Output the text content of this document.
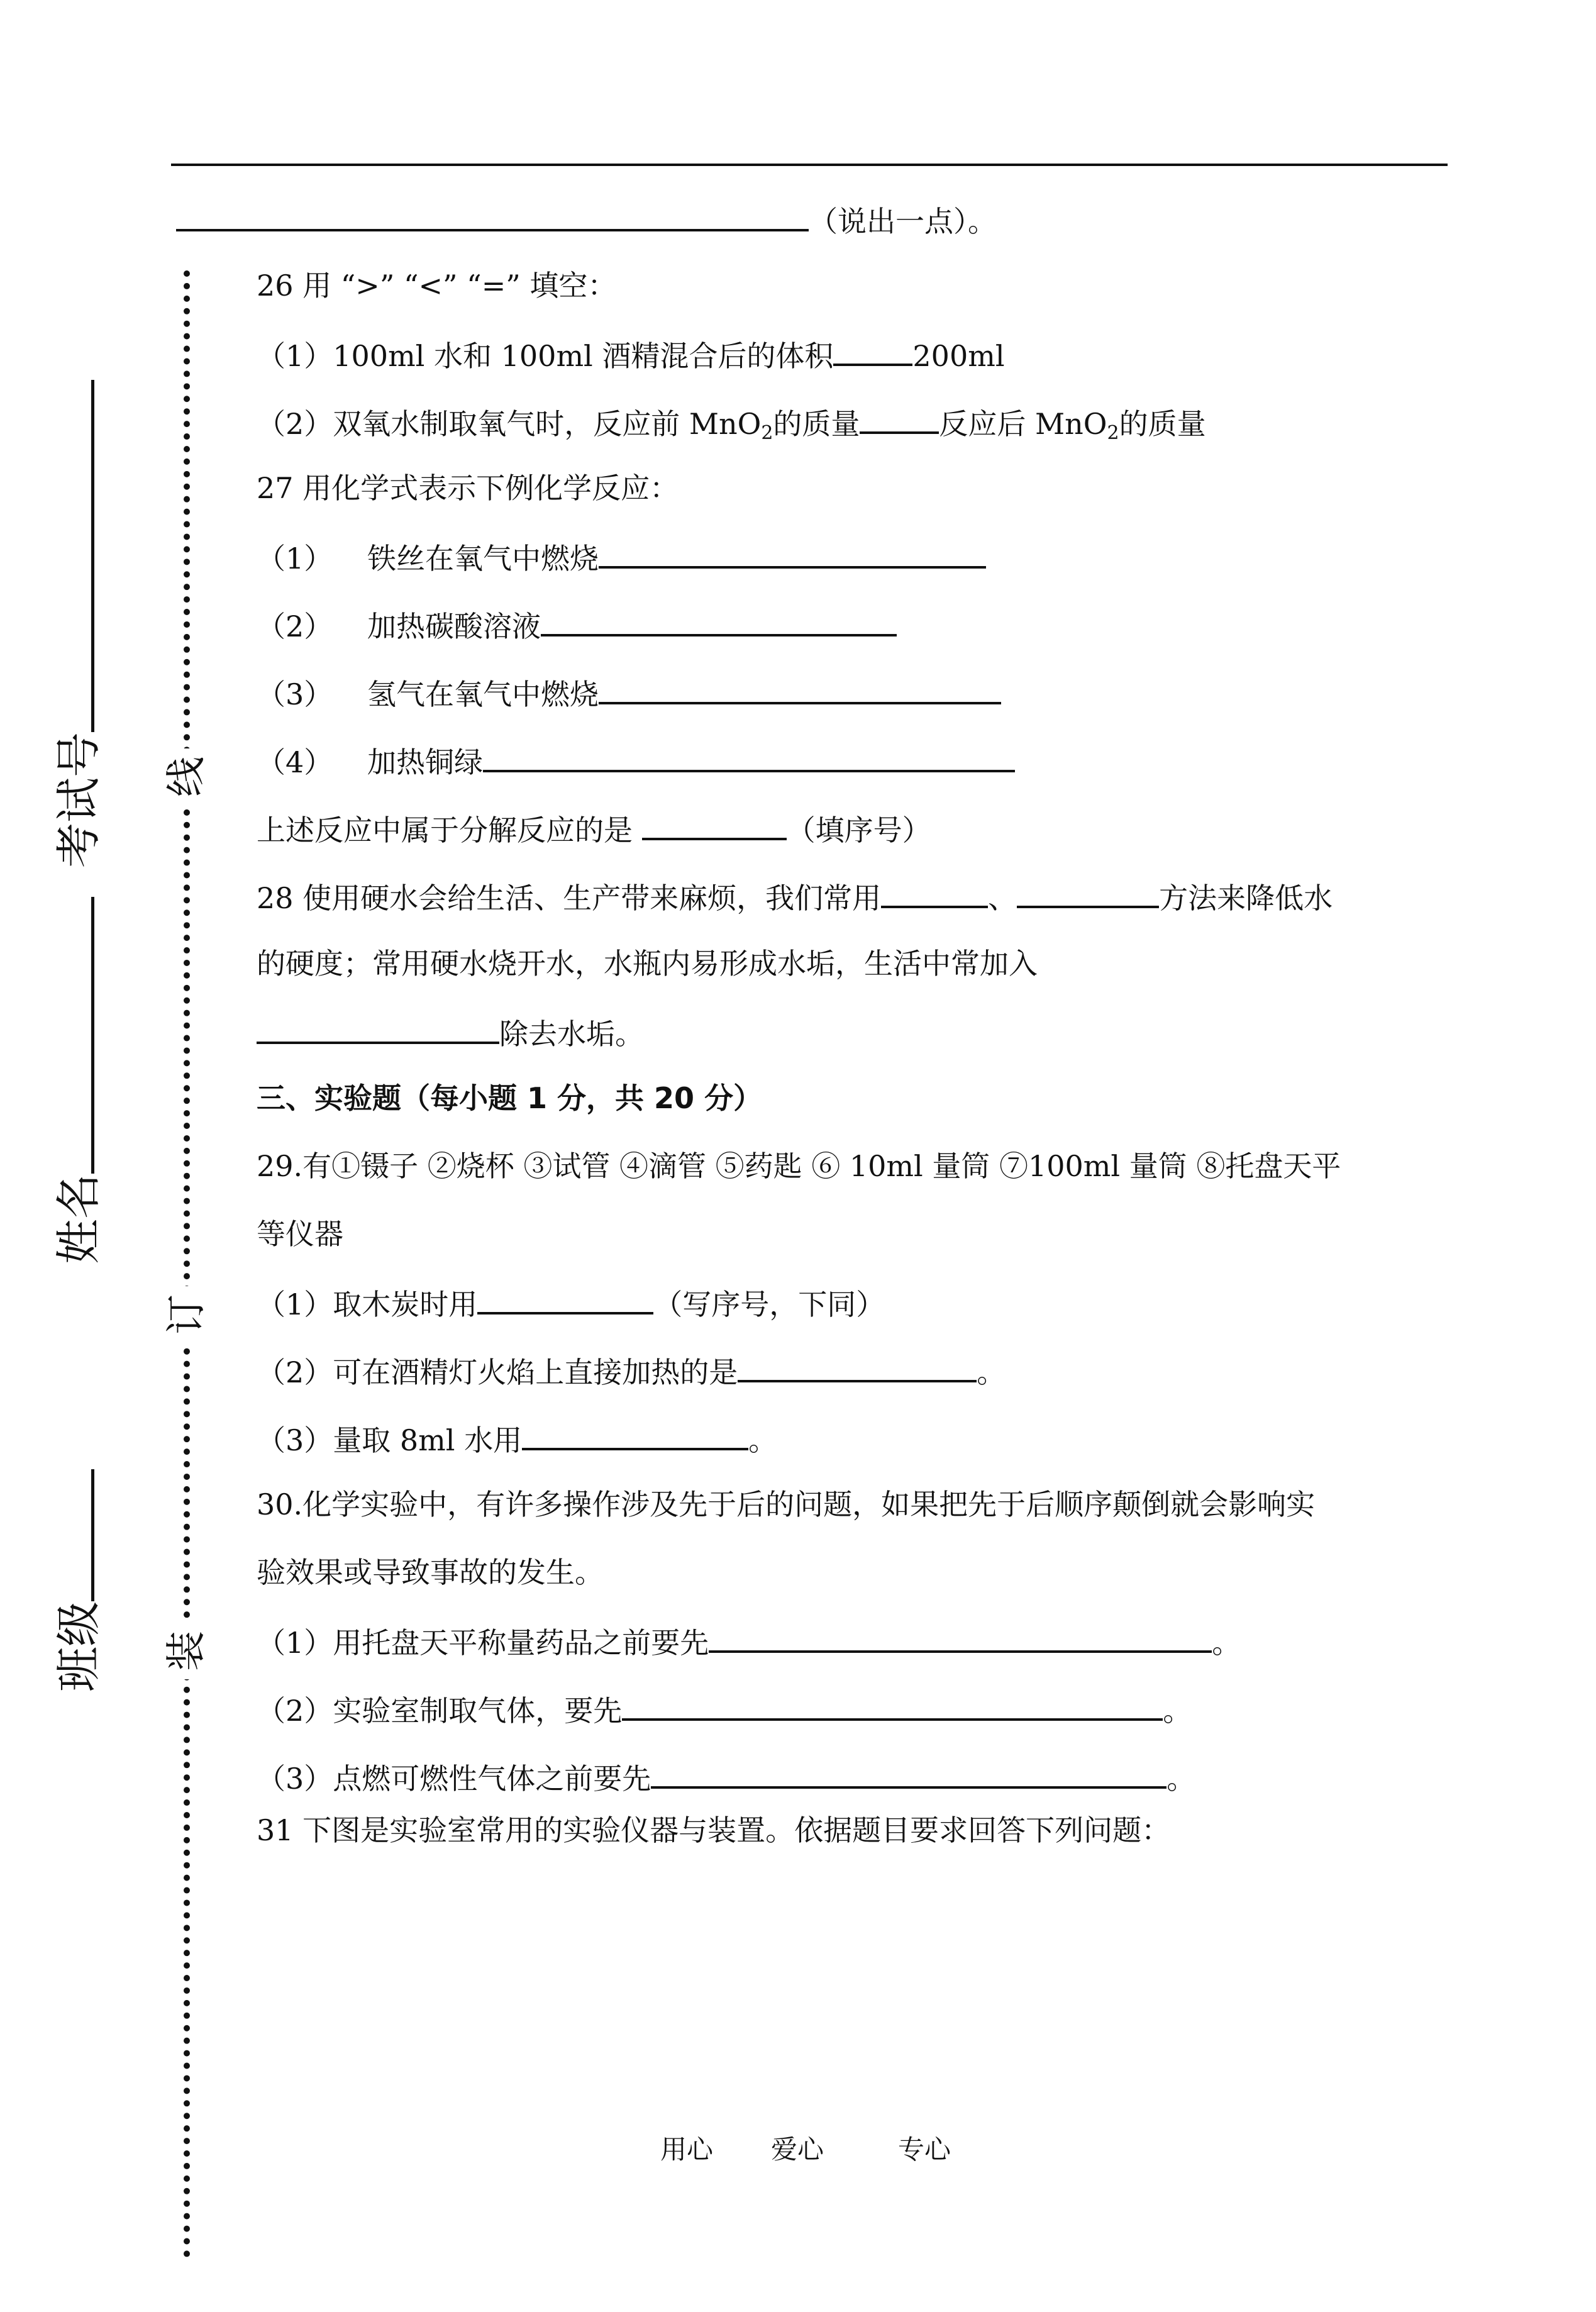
（说出一点）。
线
订
装
班级
姓名
考试号
26 用 “>” “<” “=” 填空：
（1）100ml 水和 100ml 酒精混合后的体积	200ml
（2）双氧水制取氧气时，反应前 MnO$_2$的质量	反应后 MnO$_2$的质量
27 用化学式表示下例化学反应：
（1） 铁丝在氧气中燃烧
（2） 加热碳酸溶液
（3） 氢气在氧气中燃烧
（4） 加热铜绿
上述反应中属于分解反应的是	（填序号）
28 使用硬水会给生活、生产带来麻烦，我们常用	、	方法来降低水
的硬度；常用硬水烧开水，水瓶内易形成水垢，生活中常加入
除去水垢。
三、实验题（每小题 1 分，共 20 分）
29.有①镊子 ②烧杯 ③试管 ④滴管 ⑤药匙 ⑥ 10ml 量筒 ⑦100ml 量筒 ⑧托盘天平
等仪器
（1）取木炭时用	（写序号，下同）
（2）可在酒精灯火焰上直接加热的是	。
（3）量取 8ml 水用	。
30.化学实验中，有许多操作涉及先于后的问题，如果把先于后顺序颠倒就会影响实
验效果或导致事故的发生。
（1）用托盘天平称量药品之前要先	。
（2）实验室制取气体，要先	。
（3）点燃可燃性气体之前要先	。
31 下图是实验室常用的实验仪器与装置。依据题目要求回答下列问题：
用心 爱心	专心
